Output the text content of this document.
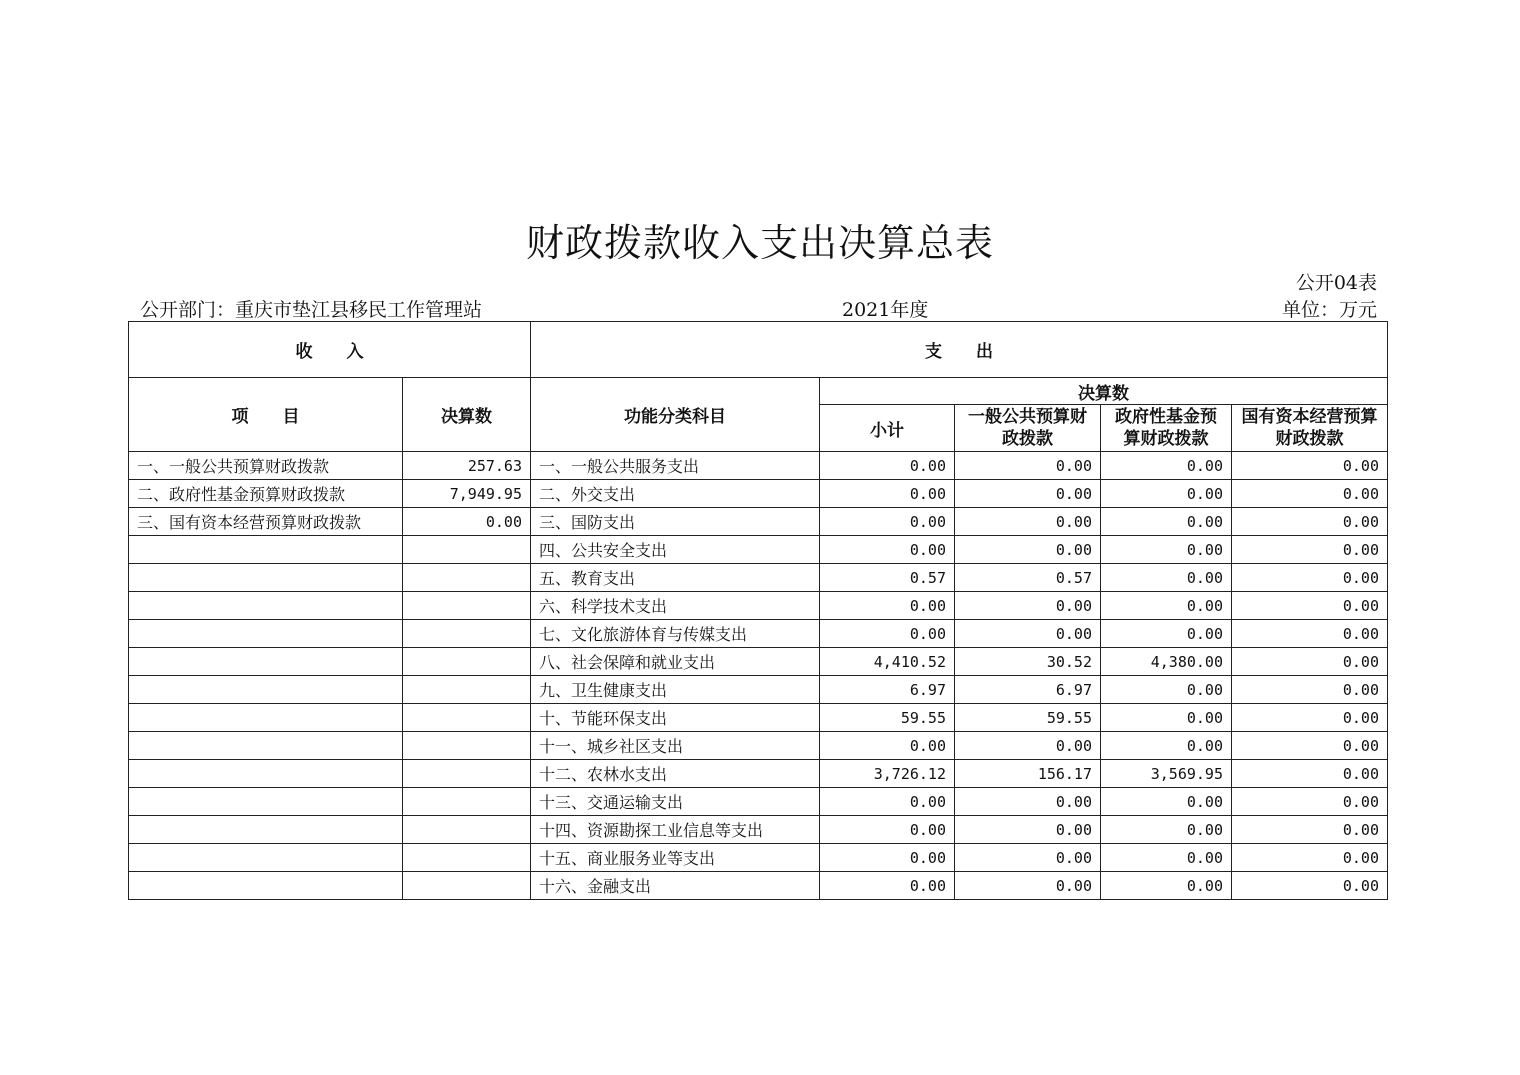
财政拨款收入支出决算总表
公开04表
公开部门：重庆市垫江县移民工作管理站	2021年度	单位：万元
收　　入		支　　出				
项　　目	决算数	功能分类科目	决算数			
			小计	一般公共预算财政拨款	政府性基金预算财政拨款	国有资本经营预算财政拨款
一、一般公共预算财政拨款	257.63	一、一般公共服务支出	0.00	0.00	0.00	0.00
二、政府性基金预算财政拨款	7,949.95	二、外交支出	0.00	0.00	0.00	0.00
三、国有资本经营预算财政拨款	0.00	三、国防支出	0.00	0.00	0.00	0.00
		四、公共安全支出	0.00	0.00	0.00	0.00
		五、教育支出	0.57	0.57	0.00	0.00
		六、科学技术支出	0.00	0.00	0.00	0.00
		七、文化旅游体育与传媒支出	0.00	0.00	0.00	0.00
		八、社会保障和就业支出	4,410.52	30.52	4,380.00	0.00
		九、卫生健康支出	6.97	6.97	0.00	0.00
		十、节能环保支出	59.55	59.55	0.00	0.00
		十一、城乡社区支出	0.00	0.00	0.00	0.00
		十二、农林水支出	3,726.12	156.17	3,569.95	0.00
		十三、交通运输支出	0.00	0.00	0.00	0.00
		十四、资源勘探工业信息等支出	0.00	0.00	0.00	0.00
		十五、商业服务业等支出	0.00	0.00	0.00	0.00
		十六、金融支出	0.00	0.00	0.00	0.00
